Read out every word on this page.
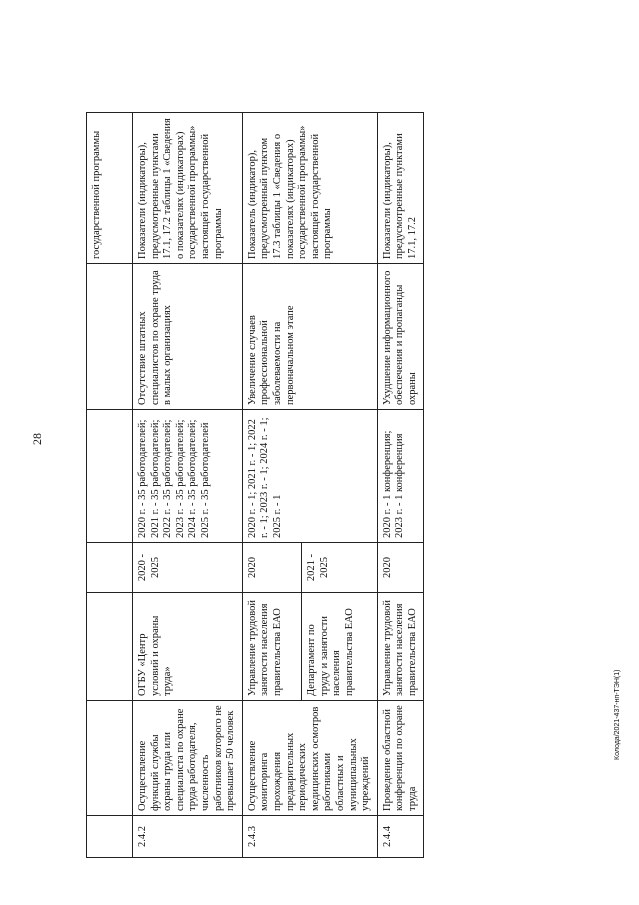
28
Колода/2021-437-нп-ТЭН(1)
						государственной программы
2.4.2	Осуществление функций службы охраны труда или специалиста по охране труда работодателя, численность работников которого не превышает 50 человек	ОГБУ «Центр условий и охраны труда»	2020 - 2025	2020 г. - 35 работодателей; 2021 г. - 35 работодателей; 2022 г. - 35 работодателей; 2023 г. - 35 работодателей; 2024 г. - 35 работодателей; 2025 г. - 35 работодателей	Отсутствие штатных специалистов по охране труда в малых организациях	Показатели (индикаторы), предусмотренные пунктами 17.1, 17.2 таблицы 1 «Сведения о показателях (индикаторах) государственной программы» настоящей государственной программы
2.4.3	Осуществление мониторинга прохождения предварительных периодических медицинских осмотров работниками областных и муниципальных учреждений	Управление трудовой занятости населения правительства ЕАО	2020	2020 г. - 1; 2021 г. - 1; 2022 г. - 1; 2023 г. - 1; 2024 г. - 1; 2025 г. - 1	Увеличение случаев профессиональной заболеваемости на первоначальном этапе	Показатель (индикатор), предусмотренный пунктом 17.3 таблицы 1 «Сведения о показателях (индикаторах) государственной программы» настоящей государственной программы
		Департамент по труду и занятости населения правительства ЕАО	2021 - 2025			
2.4.4	Проведение областной конференции по охране труда	Управление трудовой занятости населения правительства ЕАО	2020	2020 г. - 1 конференция; 2023 г. - 1 конференция	Ухудшение информационного обеспечения и пропаганды охраны	Показатели (индикаторы), предусмотренные пунктами 17.1, 17.2
